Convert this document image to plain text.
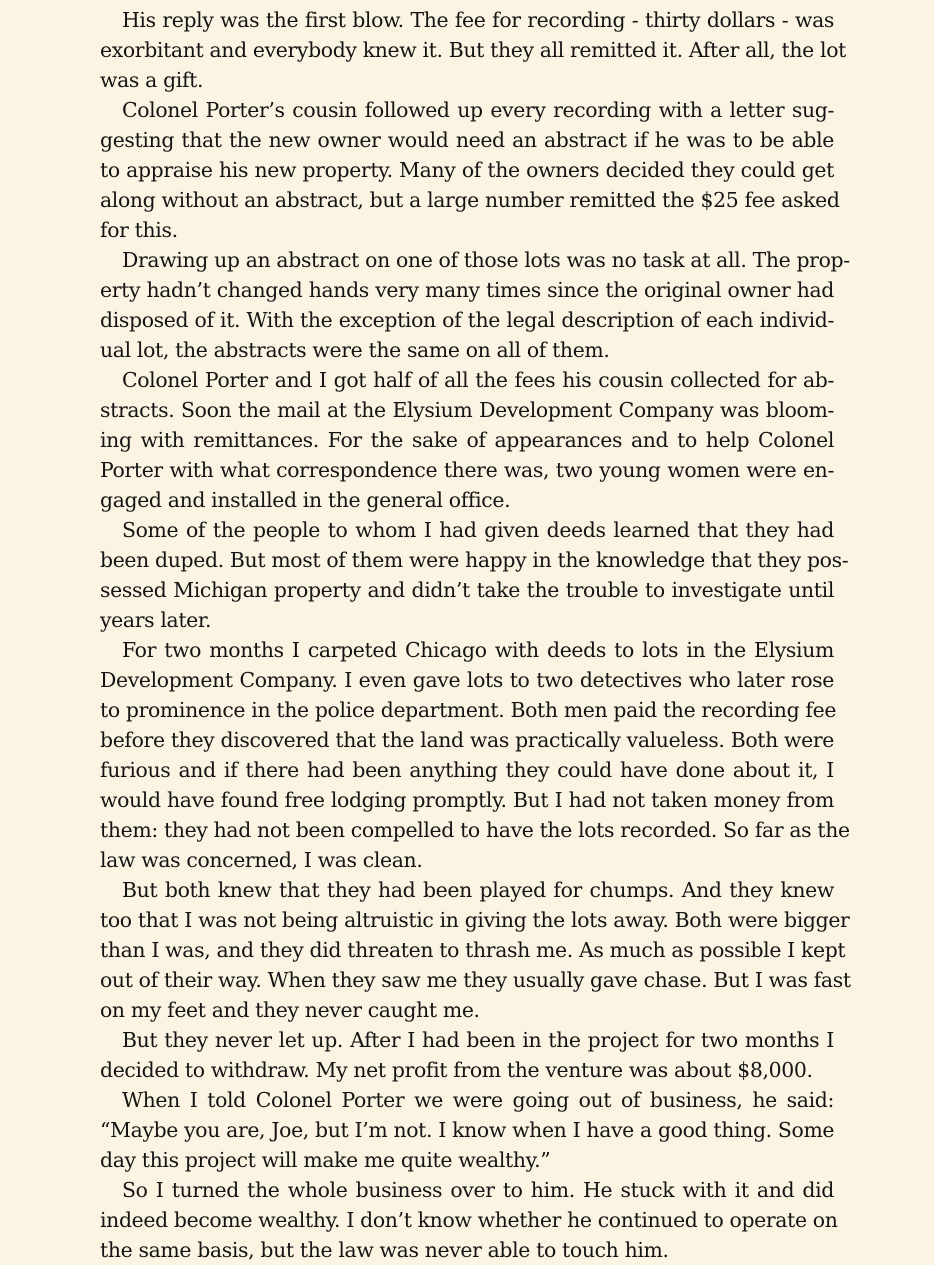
His reply was the first blow. The fee for recording - thirty dollars - was
exorbitant and everybody knew it. But they all remitted it. After all, the lot
was a gift.
Colonel Porter’s cousin followed up every recording with a letter sug-
gesting that the new owner would need an abstract if he was to be able
to appraise his new property. Many of the owners decided they could get
along without an abstract, but a large number remitted the $25 fee asked
for this.
Drawing up an abstract on one of those lots was no task at all. The prop-
erty hadn’t changed hands very many times since the original owner had
disposed of it. With the exception of the legal description of each individ-
ual lot, the abstracts were the same on all of them.
Colonel Porter and I got half of all the fees his cousin collected for ab-
stracts. Soon the mail at the Elysium Development Company was bloom-
ing with remittances. For the sake of appearances and to help Colonel
Porter with what correspondence there was, two young women were en-
gaged and installed in the general office.
Some of the people to whom I had given deeds learned that they had
been duped. But most of them were happy in the knowledge that they pos-
sessed Michigan property and didn’t take the trouble to investigate until
years later.
For two months I carpeted Chicago with deeds to lots in the Elysium
Development Company. I even gave lots to two detectives who later rose
to prominence in the police department. Both men paid the recording fee
before they discovered that the land was practically valueless. Both were
furious and if there had been anything they could have done about it, I
would have found free lodging promptly. But I had not taken money from
them: they had not been compelled to have the lots recorded. So far as the
law was concerned, I was clean.
But both knew that they had been played for chumps. And they knew
too that I was not being altruistic in giving the lots away. Both were bigger
than I was, and they did threaten to thrash me. As much as possible I kept
out of their way. When they saw me they usually gave chase. But I was fast
on my feet and they never caught me.
But they never let up. After I had been in the project for two months I
decided to withdraw. My net profit from the venture was about $8,000.
When I told Colonel Porter we were going out of business, he said:
“Maybe you are, Joe, but I’m not. I know when I have a good thing. Some
day this project will make me quite wealthy.”
So I turned the whole business over to him. He stuck with it and did
indeed become wealthy. I don’t know whether he continued to operate on
the same basis, but the law was never able to touch him.
